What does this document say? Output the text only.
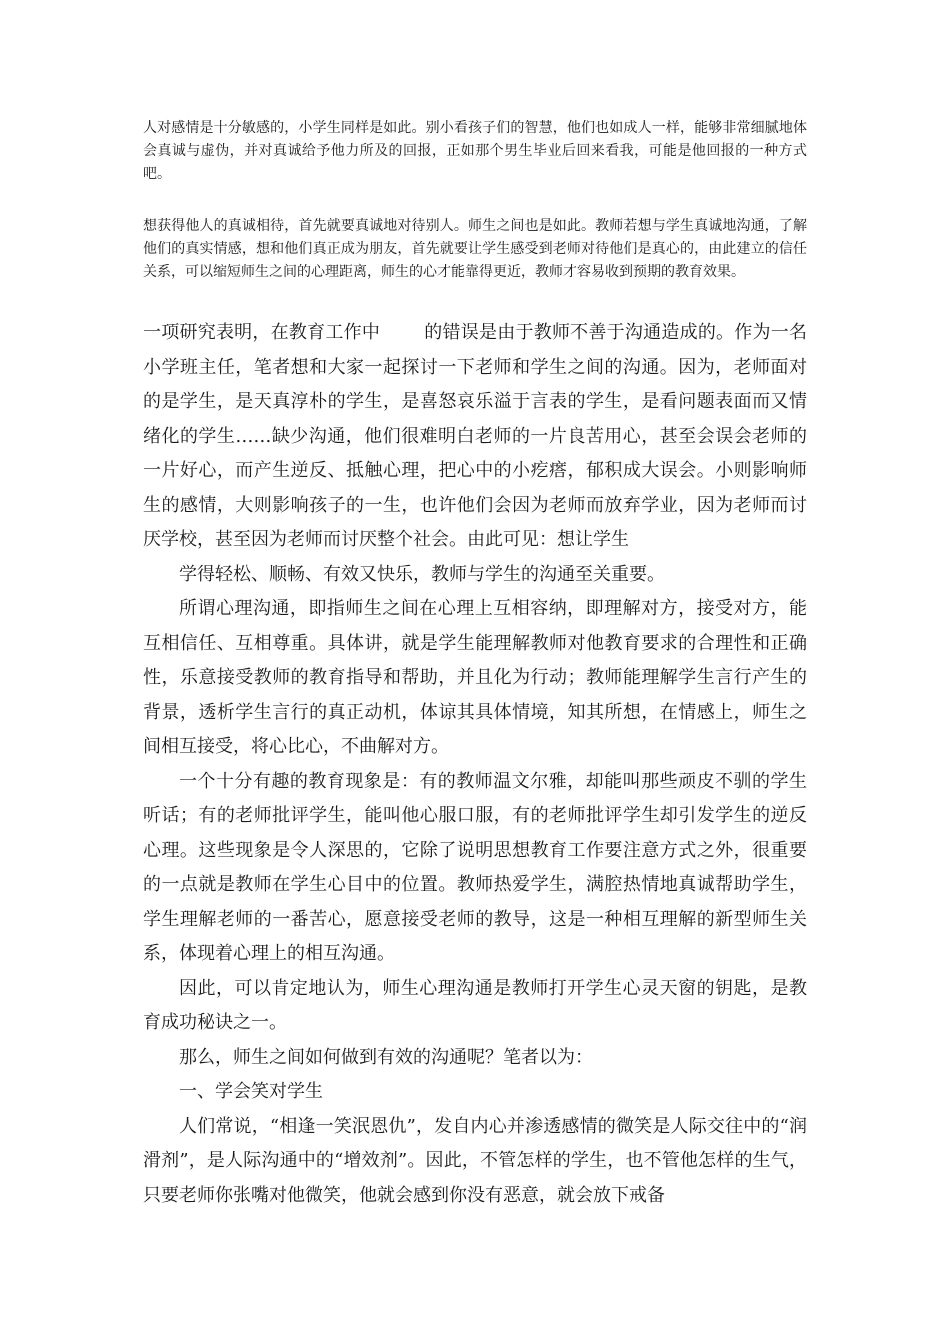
人对感情是十分敏感的，小学生同样是如此。别小看孩子们的智慧，他们也如成人一样，能够非常细腻地体会真诚与虚伪，并对真诚给予他力所及的回报，正如那个男生毕业后回来看我，可能是他回报的一种方式吧。

想获得他人的真诚相待，首先就要真诚地对待别人。师生之间也是如此。教师若想与学生真诚地沟通，了解他们的真实情感，想和他们真正成为朋友，首先就要让学生感受到老师对待他们是真心的，由此建立的信任关系，可以缩短师生之间的心理距离，师生的心才能靠得更近，教师才容易收到预期的教育效果。

一项研究表明，在教育工作中 的错误是由于教师不善于沟通造成的。作为一名小学班主任，笔者想和大家一起探讨一下老师和学生之间的沟通。因为，老师面对的是学生，是天真淳朴的学生，是喜怒哀乐溢于言表的学生，是看问题表面而又情绪化的学生……缺少沟通，他们很难明白老师的一片良苦用心，甚至会误会老师的一片好心，而产生逆反、抵触心理，把心中的小疙瘩，郁积成大误会。小则影响师生的感情，大则影响孩子的一生，也许他们会因为老师而放弃学业，因为老师而讨厌学校，甚至因为老师而讨厌整个社会。由此可见：想让学生

学得轻松、顺畅、有效又快乐，教师与学生的沟通至关重要。

所谓心理沟通，即指师生之间在心理上互相容纳，即理解对方，接受对方，能互相信任、互相尊重。具体讲，就是学生能理解教师对他教育要求的合理性和正确性，乐意接受教师的教育指导和帮助，并且化为行动；教师能理解学生言行产生的背景，透析学生言行的真正动机，体谅其具体情境，知其所想，在情感上，师生之间相互接受，将心比心，不曲解对方。

一个十分有趣的教育现象是：有的教师温文尔雅，却能叫那些顽皮不驯的学生听话；有的老师批评学生，能叫他心服口服，有的老师批评学生却引发学生的逆反心理。这些现象是令人深思的，它除了说明思想教育工作要注意方式之外，很重要的一点就是教师在学生心目中的位置。教师热爱学生，满腔热情地真诚帮助学生，学生理解老师的一番苦心，愿意接受老师的教导，这是一种相互理解的新型师生关系，体现着心理上的相互沟通。

因此，可以肯定地认为，师生心理沟通是教师打开学生心灵天窗的钥匙，是教育成功秘诀之一。

那么，师生之间如何做到有效的沟通呢？笔者以为：

一、学会笑对学生

人们常说，“相逢一笑泯恩仇”，发自内心并渗透感情的微笑是人际交往中的“润滑剂”，是人际沟通中的“增效剂”。因此，不管怎样的学生，也不管他怎样的生气，只要老师你张嘴对他微笑，他就会感到你没有恶意，就会放下戒备
